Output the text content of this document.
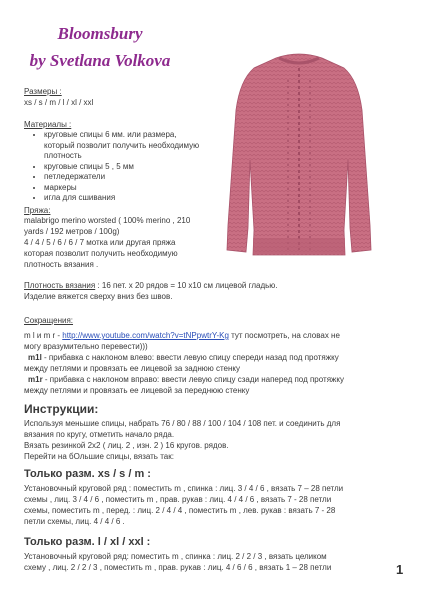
Bloomsbury
by Svetlana Volkova
Размеры :
xs / s / m / l / xl / xxl
Материалы :
• круговые спицы 6 мм. или размера,
который позволит получить необходимую
плотность
• круговые спицы 5 , 5 мм
• петледержатели
• маркеры
• игла для сшивания
Пряжа:
malabrigo merino worsted ( 100% merino , 210
yards / 192 метров / 100g)
4 / 4 / 5 / 6 / 6 / 7 мотка или другая пряжа
которая позволит получить необходимую
плотность вязания .
Плотность вязания : 16 пет. х 20 рядов = 10 х10 см лицевой гладью.
Изделие вяжется сверху вниз без швов.
Сокращения:
m l и m r - http://www.youtube.com/watch?v=tNPpwtrY-Kg тут посмотреть, на словах не
могу вразумительно перевести)))
m1l - прибавка с наклоном влево: ввести левую спицу спереди назад под протяжку
между петлями и провязать ее лицевой за заднюю стенку
m1r - прибавка с наклоном вправо: ввести левую спицу сзади наперед под протяжку
между петлями и провязать ее лицевой за переднюю стенку
Инструкции:
Используя меньшие спицы, набрать 76 / 80 / 88 / 100 / 104 / 108 пет. и соединить для
вязания по кругу, отметить начало ряда.
Вязать резинкой 2х2 ( лиц. 2 , изн. 2 ) 16 кругов. рядов.
Перейти на бОльшие спицы, вязать так:
Только разм. xs / s / m :
Установочный круговой ряд : поместить m , спинка : лиц. 3 / 4 / 6 , вязать 7 – 28 петли
схемы , лиц. 3 / 4 / 6 , поместить m , прав. рукав : лиц. 4 / 4 / 6 , вязать 7 - 28 петли
схемы, поместить m , перед. : лиц. 2 / 4 / 4 , поместить m , лев. рукав : вязать 7 - 28
петли схемы, лиц. 4 / 4 / 6 .
Только разм. l / xl / xxl :
Установочный круговой ряд: поместить m , спинка : лиц. 2 / 2 / 3 , вязать целиком
схему , лиц. 2 / 2 / 3 , поместить m , прав. рукав : лиц. 4 / 6 / 6 , вязать 1 – 28 петли	1
